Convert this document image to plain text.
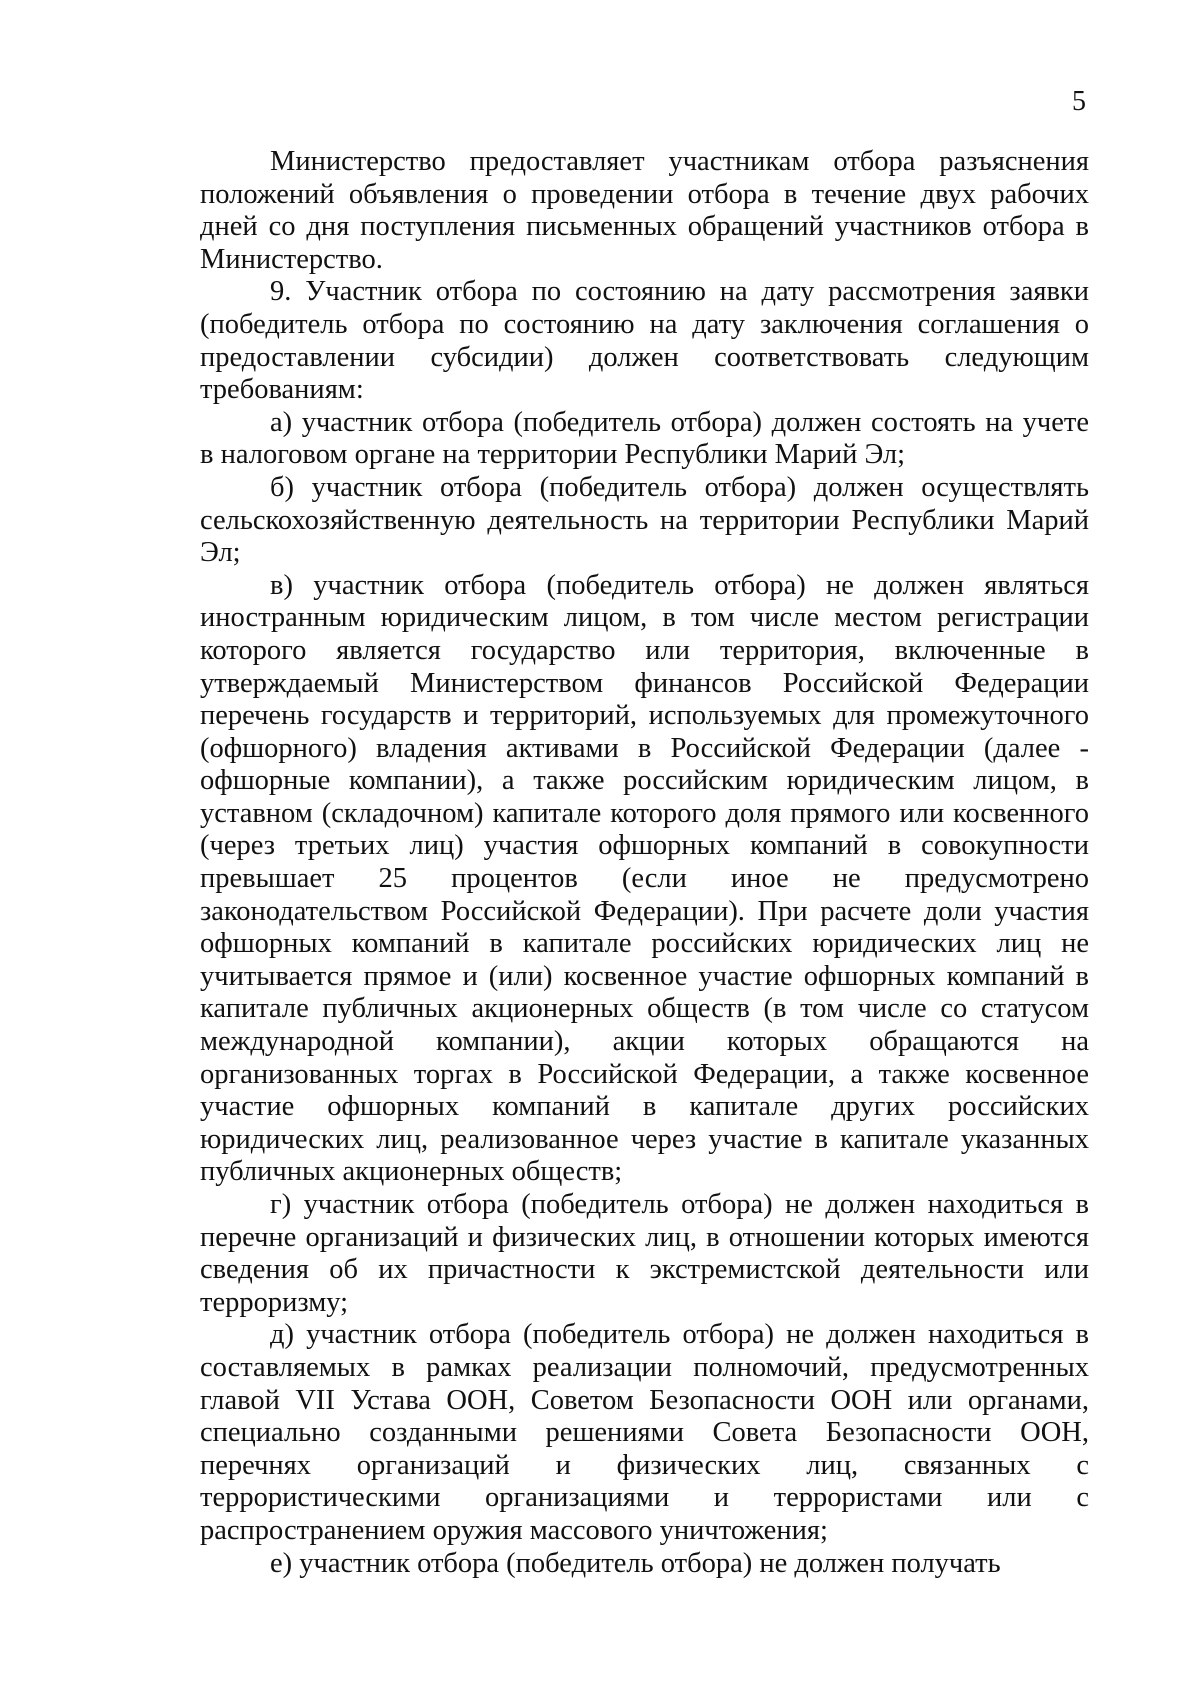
5

Министерство предоставляет участникам отбора разъяснения положений объявления о проведении отбора в течение двух рабочих дней со дня поступления письменных обращений участников отбора в Министерство.

9. Участник отбора по состоянию на дату рассмотрения заявки (победитель отбора по состоянию на дату заключения соглашения о предоставлении субсидии) должен соответствовать следующим требованиям:

а) участник отбора (победитель отбора) должен состоять на учете в налоговом органе на территории Республики Марий Эл;

б) участник отбора (победитель отбора) должен осуществлять сельскохозяйственную деятельность на территории Республики Марий Эл;

в) участник отбора (победитель отбора) не должен являться иностранным юридическим лицом, в том числе местом регистрации которого является государство или территория, включенные в утверждаемый Министерством финансов Российской Федерации перечень государств и территорий, используемых для промежуточного (офшорного) владения активами в Российской Федерации (далее - офшорные компании), а также российским юридическим лицом, в уставном (складочном) капитале которого доля прямого или косвенного (через третьих лиц) участия офшорных компаний в совокупности превышает 25 процентов (если иное не предусмотрено законодательством Российской Федерации). При расчете доли участия офшорных компаний в капитале российских юридических лиц не учитывается прямое и (или) косвенное участие офшорных компаний в капитале публичных акционерных обществ (в том числе со статусом международной компании), акции которых обращаются на организованных торгах в Российской Федерации, а также косвенное участие офшорных компаний в капитале других российских юридических лиц, реализованное через участие в капитале указанных публичных акционерных обществ;

г) участник отбора (победитель отбора) не должен находиться в перечне организаций и физических лиц, в отношении которых имеются сведения об их причастности к экстремистской деятельности или терроризму;

д) участник отбора (победитель отбора) не должен находиться в составляемых в рамках реализации полномочий, предусмотренных главой VII Устава ООН, Советом Безопасности ООН или органами, специально созданными решениями Совета Безопасности ООН, перечнях организаций и физических лиц, связанных с террористическими организациями и террористами или с распространением оружия массового уничтожения;

е) участник отбора (победитель отбора) не должен получать
